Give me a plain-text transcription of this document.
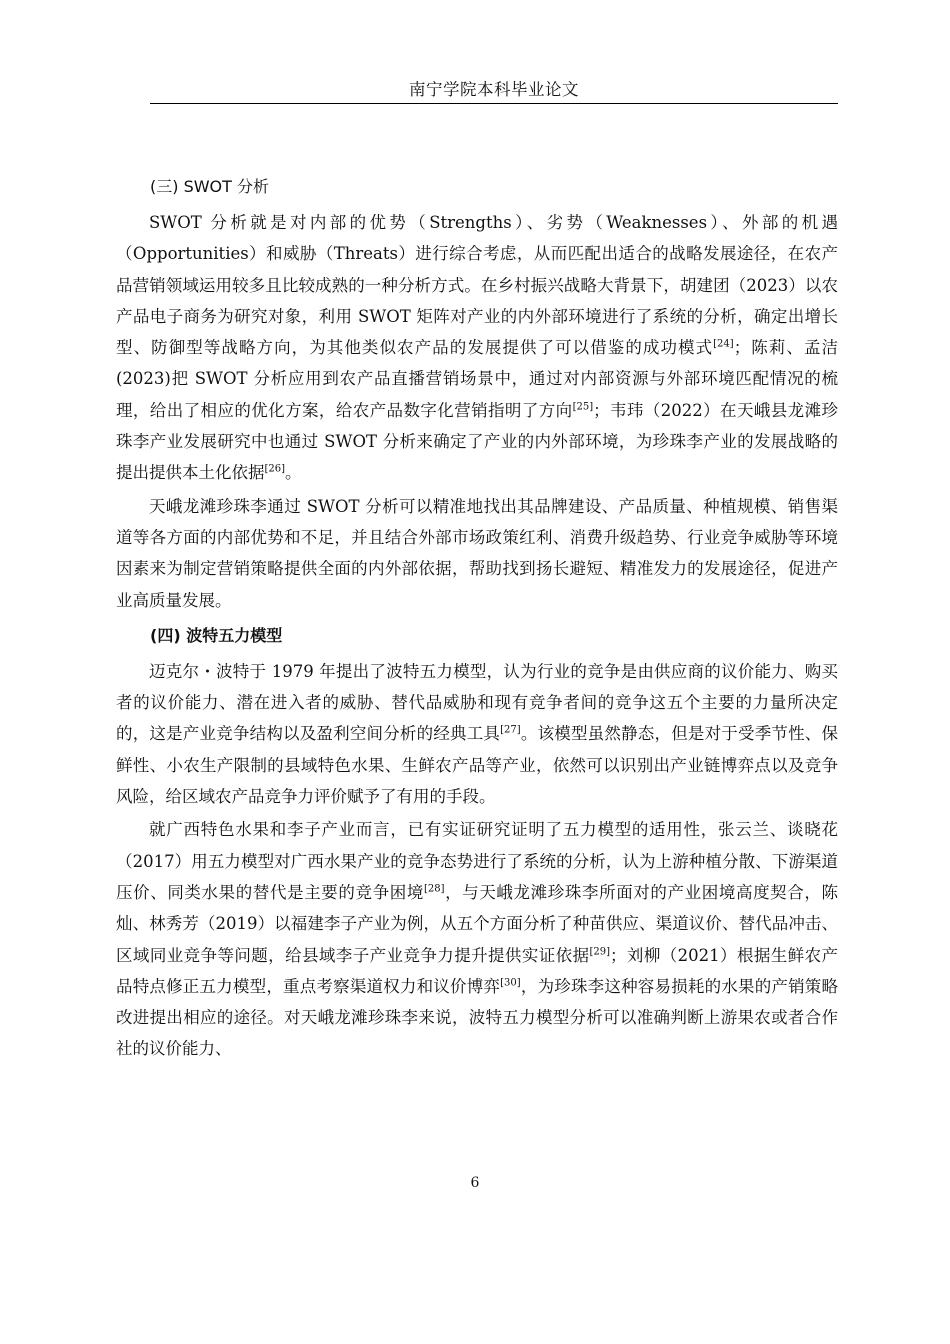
南宁学院本科毕业论文
(三) SWOT 分析

SWOT 分析就是对内部的优势（Strengths）、劣势（Weaknesses）、外部的机遇（Opportunities）和威胁（Threats）进行综合考虑，从而匹配出适合的战略发展途径，在农产品营销领域运用较多且比较成熟的一种分析方式。在乡村振兴战略大背景下，胡建团（2023）以农产品电子商务为研究对象，利用 SWOT 矩阵对产业的内外部环境进行了系统的分析，确定出增长型、防御型等战略方向，为其他类似农产品的发展提供了可以借鉴的成功模式[24]；陈莉、孟洁(2023)把 SWOT 分析应用到农产品直播营销场景中，通过对内部资源与外部环境匹配情况的梳理，给出了相应的优化方案，给农产品数字化营销指明了方向[25]；韦玮（2022）在天峨县龙滩珍珠李产业发展研究中也通过 SWOT 分析来确定了产业的内外部环境，为珍珠李产业的发展战略的提出提供本土化依据[26]。

天峨龙滩珍珠李通过 SWOT 分析可以精准地找出其品牌建设、产品质量、种植规模、销售渠道等各方面的内部优势和不足，并且结合外部市场政策红利、消费升级趋势、行业竞争威胁等环境因素来为制定营销策略提供全面的内外部依据，帮助找到扬长避短、精准发力的发展途径，促进产业高质量发展。

(四) 波特五力模型

迈克尔・波特于 1979 年提出了波特五力模型，认为行业的竞争是由供应商的议价能力、购买者的议价能力、潜在进入者的威胁、替代品威胁和现有竞争者间的竞争这五个主要的力量所决定的，这是产业竞争结构以及盈利空间分析的经典工具[27]。该模型虽然静态，但是对于受季节性、保鲜性、小农生产限制的县域特色水果、生鲜农产品等产业，依然可以识别出产业链博弈点以及竞争风险，给区域农产品竞争力评价赋予了有用的手段。

就广西特色水果和李子产业而言，已有实证研究证明了五力模型的适用性，张云兰、谈晓花（2017）用五力模型对广西水果产业的竞争态势进行了系统的分析，认为上游种植分散、下游渠道压价、同类水果的替代是主要的竞争困境[28]，与天峨龙滩珍珠李所面对的产业困境高度契合，陈灿、林秀芳（2019）以福建李子产业为例，从五个方面分析了种苗供应、渠道议价、替代品冲击、区域同业竞争等问题，给县域李子产业竞争力提升提供实证依据[29]；刘柳（2021）根据生鲜农产品特点修正五力模型，重点考察渠道权力和议价博弈[30]，为珍珠李这种容易损耗的水果的产销策略改进提出相应的途径。对天峨龙滩珍珠李来说，波特五力模型分析可以准确判断上游果农或者合作社的议价能力、

6
